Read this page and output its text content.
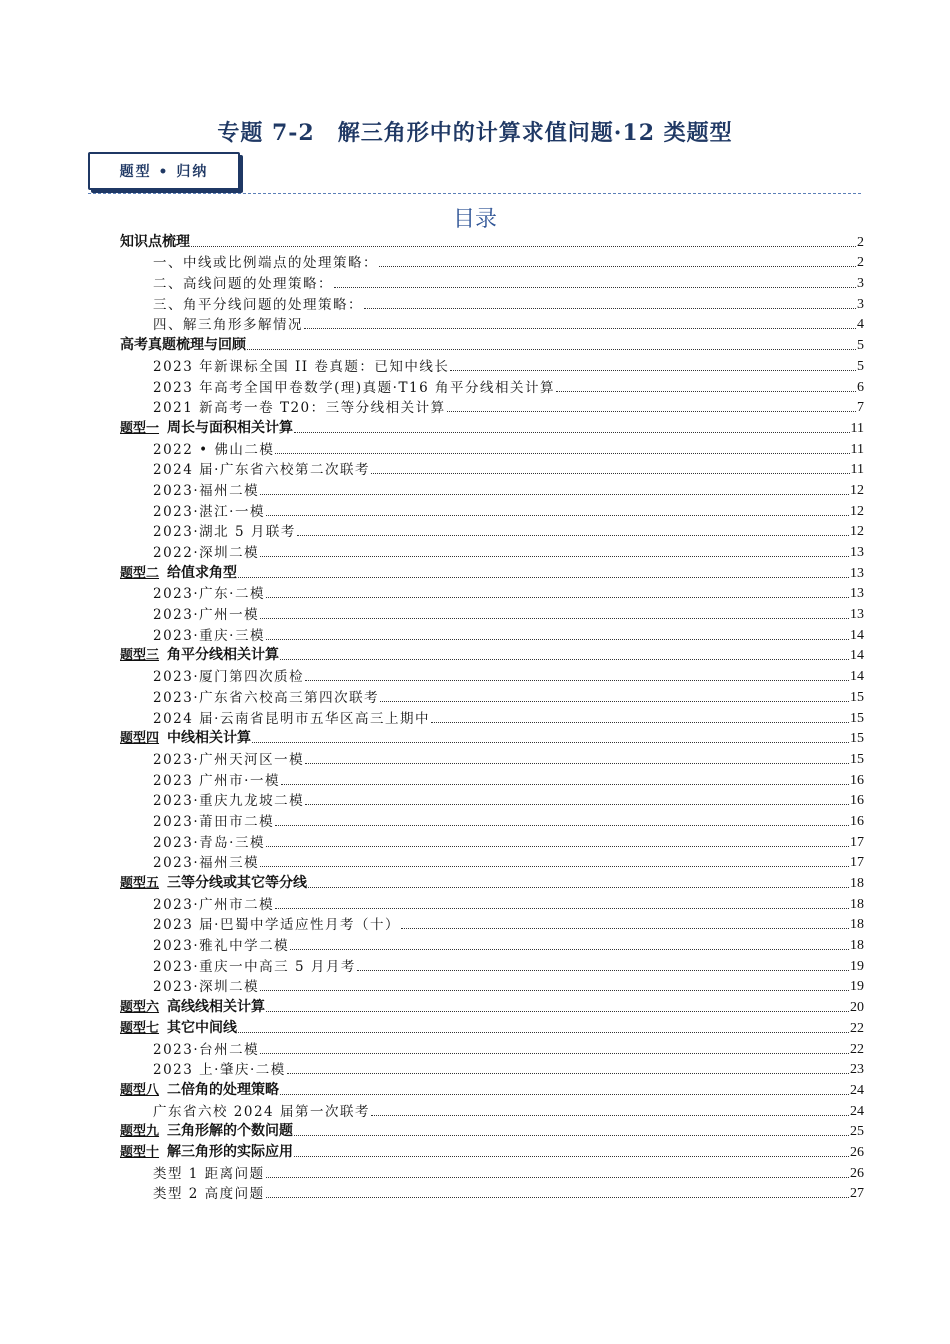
专题 7-2　解三角形中的计算求值问题·12 类题型
题型 • 归纳
目录
知识点梳理	2
一、中线或比例端点的处理策略：	2
二、高线问题的处理策略：	3
三、角平分线问题的处理策略：	3
四、解三角形多解情况	4
高考真题梳理与回顾	5
2023 年新课标全国 II 卷真题：已知中线长	5
2023 年高考全国甲卷数学(理)真题·T16 角平分线相关计算	6
2021 新高考一卷 T20：三等分线相关计算	7
题型一 周长与面积相关计算	11
2022 • 佛山二模	11
2024 届·广东省六校第二次联考	11
2023·福州二模	12
2023·湛江·一模	12
2023·湖北 5 月联考	12
2022·深圳二模	13
题型二 给值求角型	13
2023·广东·二模	13
2023·广州一模	13
2023·重庆·三模	14
题型三 角平分线相关计算	14
2023·厦门第四次质检	14
2023·广东省六校高三第四次联考	15
2024 届·云南省昆明市五华区高三上期中	15
题型四 中线相关计算	15
2023·广州天河区一模	15
2023 广州市·一模	16
2023·重庆九龙坡二模	16
2023·莆田市二模	16
2023·青岛·三模	17
2023·福州三模	17
题型五 三等分线或其它等分线	18
2023·广州市二模	18
2023 届·巴蜀中学适应性月考（十）	18
2023·雅礼中学二模	18
2023·重庆一中高三 5 月月考	19
2023·深圳二模	19
题型六 高线线相关计算	20
题型七 其它中间线	22
2023·台州二模	22
2023 上·肇庆·二模	23
题型八 二倍角的处理策略	24
广东省六校 2024 届第一次联考	24
题型九 三角形解的个数问题	25
题型十 解三角形的实际应用	26
类型 1 距离问题	26
类型 2 高度问题	27
